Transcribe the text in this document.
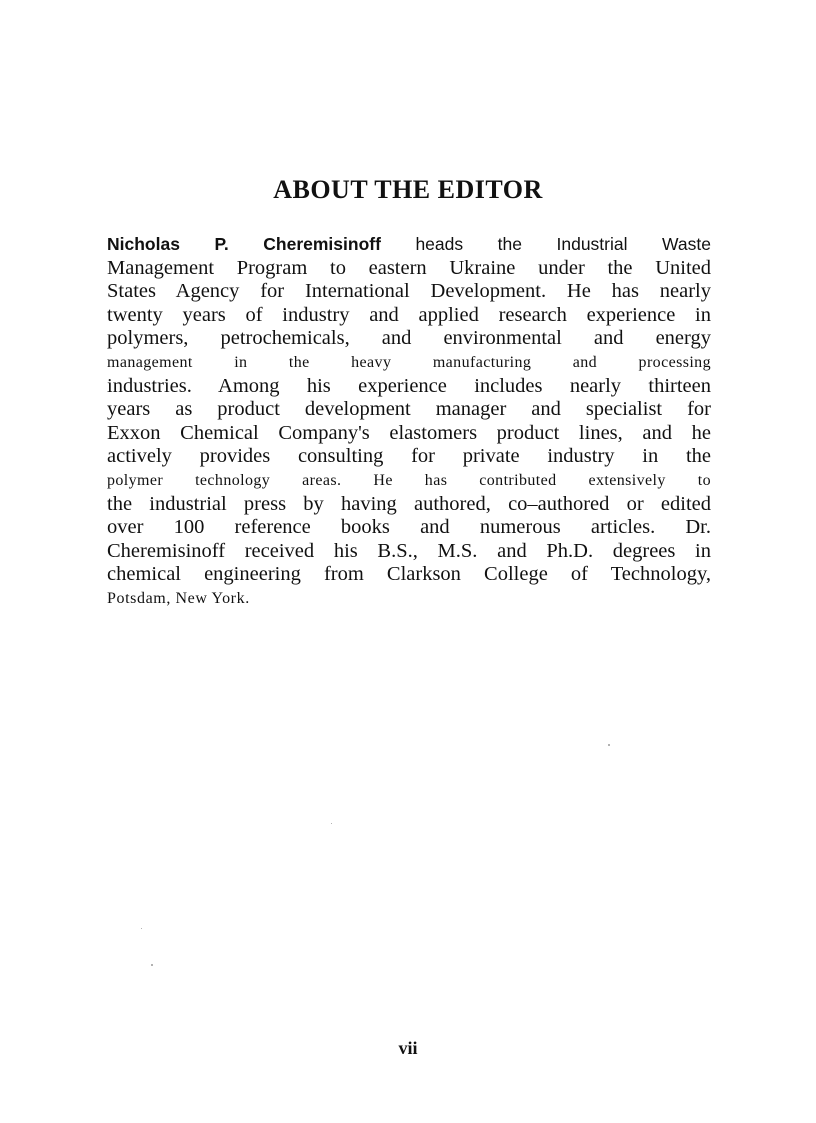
ABOUT THE EDITOR
Nicholas P. Cheremisinoff heads the Industrial Waste
Management Program to eastern Ukraine under the United
States Agency for International Development. He has nearly
twenty years of industry and applied research experience in
polymers, petrochemicals, and environmental and energy
management in the heavy manufacturing and processing
industries. Among his experience includes nearly thirteen
years as product development manager and specialist for
Exxon Chemical Company's elastomers product lines, and he
actively provides consulting for private industry in the
polymer technology areas. He has contributed extensively to
the industrial press by having authored, co–authored or edited
over 100 reference books and numerous articles. Dr.
Cheremisinoff received his B.S., M.S. and Ph.D. degrees in
chemical engineering from Clarkson College of Technology,
Potsdam, New York.
vii
